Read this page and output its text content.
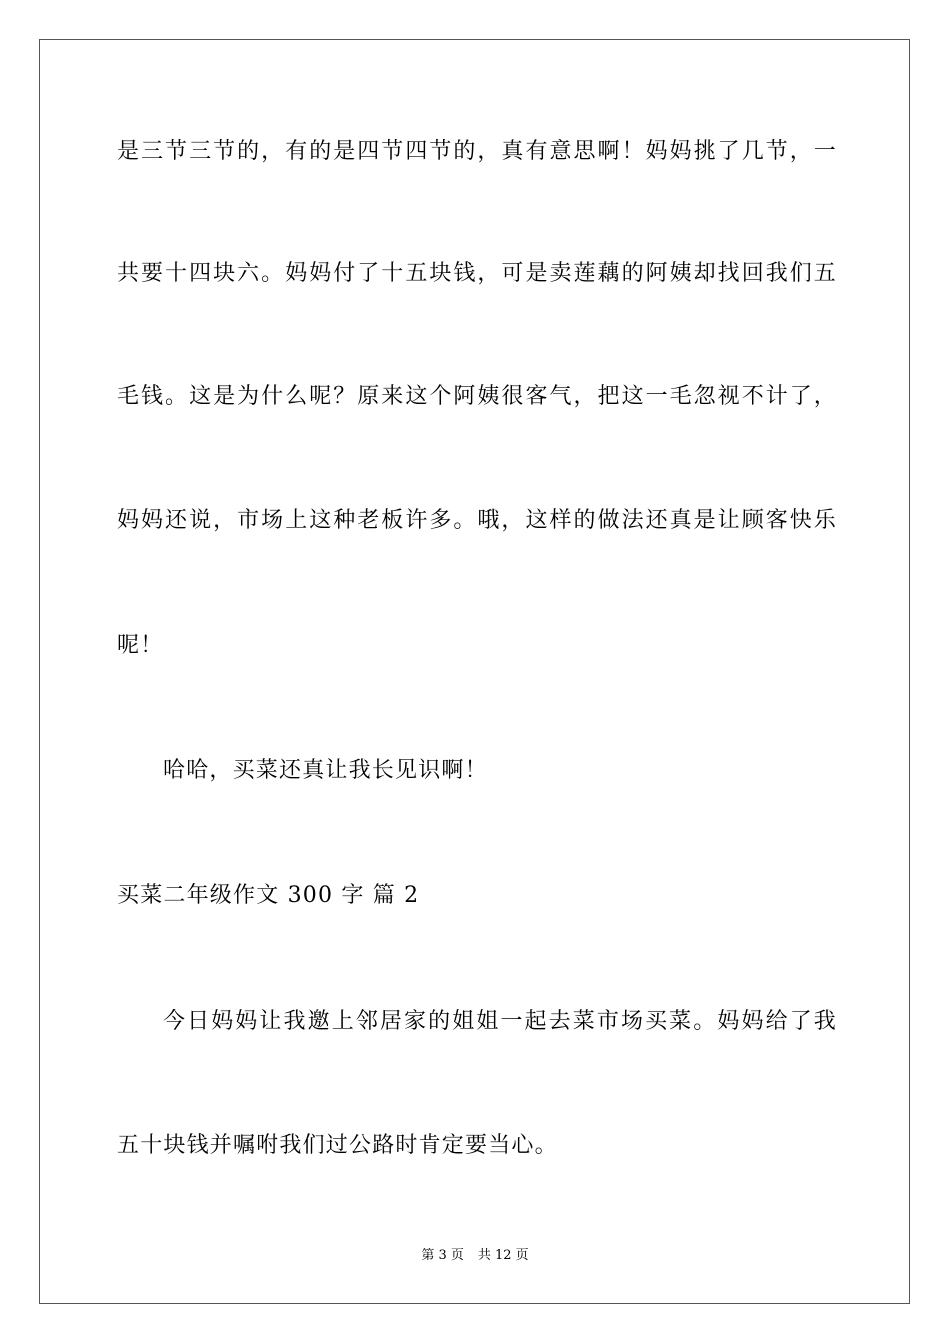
是三节三节的，有的是四节四节的，真有意思啊！妈妈挑了几节，一
共要十四块六。妈妈付了十五块钱，可是卖莲藕的阿姨却找回我们五
毛钱。这是为什么呢？原来这个阿姨很客气，把这一毛忽视不计了，
妈妈还说，市场上这种老板许多。哦，这样的做法还真是让顾客快乐
呢！
哈哈，买菜还真让我长见识啊！
买菜二年级作文 300 字 篇 2
今日妈妈让我邀上邻居家的姐姐一起去菜市场买菜。妈妈给了我
五十块钱并嘱咐我们过公路时肯定要当心。
第 3 页 共 12 页
